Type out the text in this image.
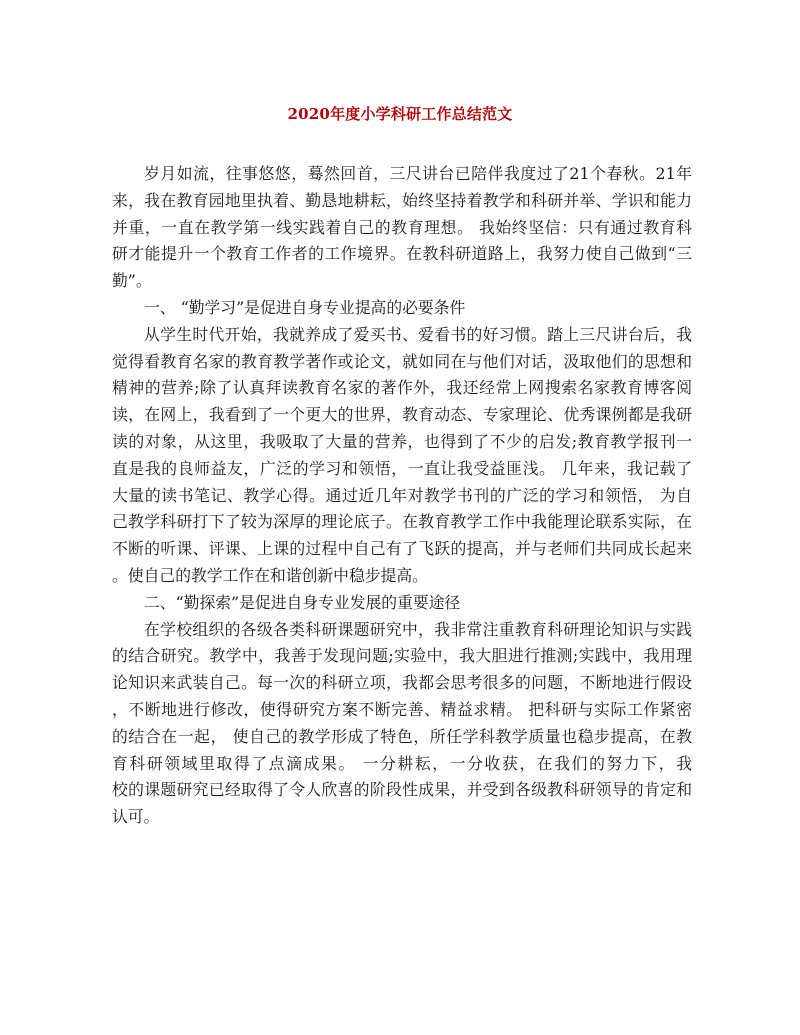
2020年度小学科研工作总结范文
岁月如流，往事悠悠，蓦然回首，三尺讲台已陪伴我度过了21个春秋。21年
来，我在教育园地里执着、勤恳地耕耘，始终坚持着教学和科研并举、学识和能力
并重，一直在教学第一线实践着自己的教育理想。 我始终坚信：只有通过教育科
研才能提升一个教育工作者的工作境界。在教科研道路上，我努力使自己做到“三
勤”。
一、 “勤学习”是促进自身专业提高的必要条件
从学生时代开始，我就养成了爱买书、爱看书的好习惯。踏上三尺讲台后，我
觉得看教育名家的教育教学著作或论文，就如同在与他们对话，汲取他们的思想和
精神的营养;除了认真拜读教育名家的著作外，我还经常上网搜索名家教育博客阅
读，在网上，我看到了一个更大的世界，教育动态、专家理论、优秀课例都是我研
读的对象，从这里，我吸取了大量的营养，也得到了不少的启发;教育教学报刊一
直是我的良师益友，广泛的学习和领悟，一直让我受益匪浅。 几年来，我记载了
大量的读书笔记、教学心得。通过近几年对教学书刊的广泛的学习和领悟， 为自
己教学科研打下了较为深厚的理论底子。在教育教学工作中我能理论联系实际，在
不断的听课、评课、上课的过程中自己有了飞跃的提高，并与老师们共同成长起来
。使自己的教学工作在和谐创新中稳步提高。
二、“勤探索”是促进自身专业发展的重要途径
在学校组织的各级各类科研课题研究中，我非常注重教育科研理论知识与实践
的结合研究。教学中，我善于发现问题;实验中，我大胆进行推测;实践中，我用理
论知识来武装自己。每一次的科研立项，我都会思考很多的问题，不断地进行假设
，不断地进行修改，使得研究方案不断完善、精益求精。 把科研与实际工作紧密
的结合在一起， 使自己的教学形成了特色，所任学科教学质量也稳步提高，在教
育科研领域里取得了点滴成果。 一分耕耘，一分收获，在我们的努力下，我
校的课题研究已经取得了令人欣喜的阶段性成果，并受到各级教科研领导的肯定和
认可。
